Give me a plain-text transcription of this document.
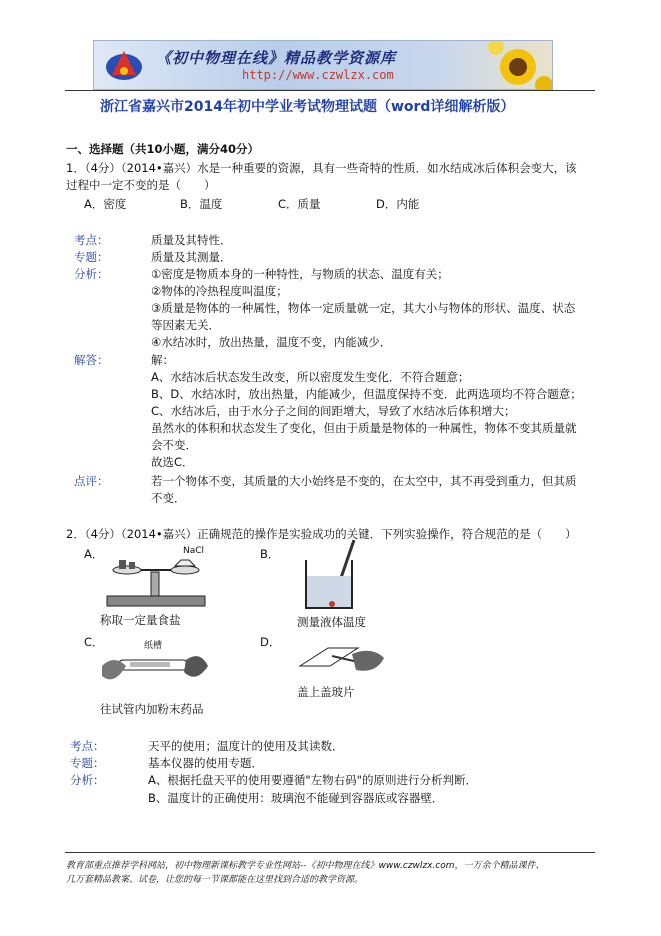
《初中物理在线》精品教学资源库
http://www.czwlzx.com
浙江省嘉兴市2014年初中学业考试物理试题（word详细解析版）
一、选择题（共10小题，满分40分）
1．（4分）（2014•嘉兴）水是一种重要的资源，具有一些奇特的性质．如水结成冰后体积会变大，该
过程中一定不变的是（　　）
A．密度	B．温度	C．质量	D．内能
考点：	质量及其特性．
专题：	质量及其测量．
分析：	①密度是物质本身的一种特性，与物质的状态、温度有关；
②物体的冷热程度叫温度；
③质量是物体的一种属性，物体一定质量就一定，其大小与物体的形状、温度、状态
等因素无关．
④水结冰时，放出热量，温度不变，内能减少．
解答：	解：
A、水结冰后状态发生改变，所以密度发生变化．不符合题意；
B、D、水结冰时，放出热量，内能减少，但温度保持不变．此两选项均不符合题意；
C、水结冰后，由于水分子之间的间距增大，导致了水结冰后体积增大；
虽然水的体积和状态发生了变化，但由于质量是物体的一种属性，物体不变其质量就
会不变．
故选C．
点评：	若一个物体不变，其质量的大小始终是不变的，在太空中，其不再受到重力，但其质
不变．
2．（4分）（2014•嘉兴）正确规范的操作是实验成功的关键．下列实验操作，符合规范的是（　　）
A．	NaCl
称取一定量食盐
B．
测量液体温度
C．	纸槽
往试管内加粉末药品
D．
盖上盖玻片
考点：	天平的使用；温度计的使用及其读数．
专题：	基本仪器的使用专题．
分析：	A、根据托盘天平的使用要遵循"左物右码"的原则进行分析判断．
B、温度计的正确使用：玻璃泡不能碰到容器底或容器壁．
教育部重点推荐学科网站，初中物理新课标教学专业性网站--《初中物理在线》www.czwlzx.com，一万余个精品课件、
几万套精品教案、试卷，让您的每一节课都能在这里找到合适的教学资源。
